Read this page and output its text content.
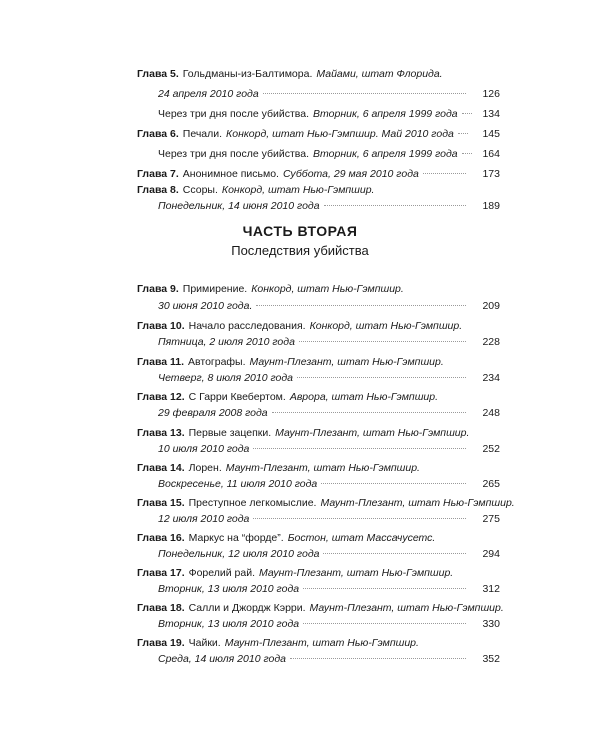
Глава 5. Гольдманы-из-Балтимора. Майами, штат Флорида.
24 апреля 2010 года	126
Через три дня после убийства. Вторник, 6 апреля 1999 года	134
Глава 6. Печали. Конкорд, штат Нью-Гэмпшир. Май 2010 года	145
Через три дня после убийства. Вторник, 6 апреля 1999 года	164
Глава 7. Анонимное письмо. Суббота, 29 мая 2010 года	173
Глава 8. Ссоры. Конкорд, штат Нью-Гэмпшир.
Понедельник, 14 июня 2010 года	189
ЧАСТЬ ВТОРАЯ
Последствия убийства
Глава 9. Примирение. Конкорд, штат Нью-Гэмпшир.
30 июня 2010 года.	209
Глава 10. Начало расследования. Конкорд, штат Нью-Гэмпшир.
Пятница, 2 июля 2010 года	228
Глава 11. Автографы. Маунт-Плезант, штат Нью-Гэмпшир.
Четверг, 8 июля 2010 года	234
Глава 12. С Гарри Квебертом. Аврора, штат Нью-Гэмпшир.
29 февраля 2008 года	248
Глава 13. Первые зацепки. Маунт-Плезант, штат Нью-Гэмпшир.
10 июля 2010 года	252
Глава 14. Лорен. Маунт-Плезант, штат Нью-Гэмпшир.
Воскресенье, 11 июля 2010 года	265
Глава 15. Преступное легкомыслие. Маунт-Плезант, штат Нью-Гэмпшир.
12 июля 2010 года	275
Глава 16. Маркус на “форде”. Бостон, штат Массачусетс.
Понедельник, 12 июля 2010 года	294
Глава 17. Форелий рай. Маунт-Плезант, штат Нью-Гэмпшир.
Вторник, 13 июля 2010 года	312
Глава 18. Салли и Джордж Кэрри. Маунт-Плезант, штат Нью-Гэмпшир.
Вторник, 13 июля 2010 года	330
Глава 19. Чайки. Маунт-Плезант, штат Нью-Гэмпшир.
Среда, 14 июля 2010 года	352
